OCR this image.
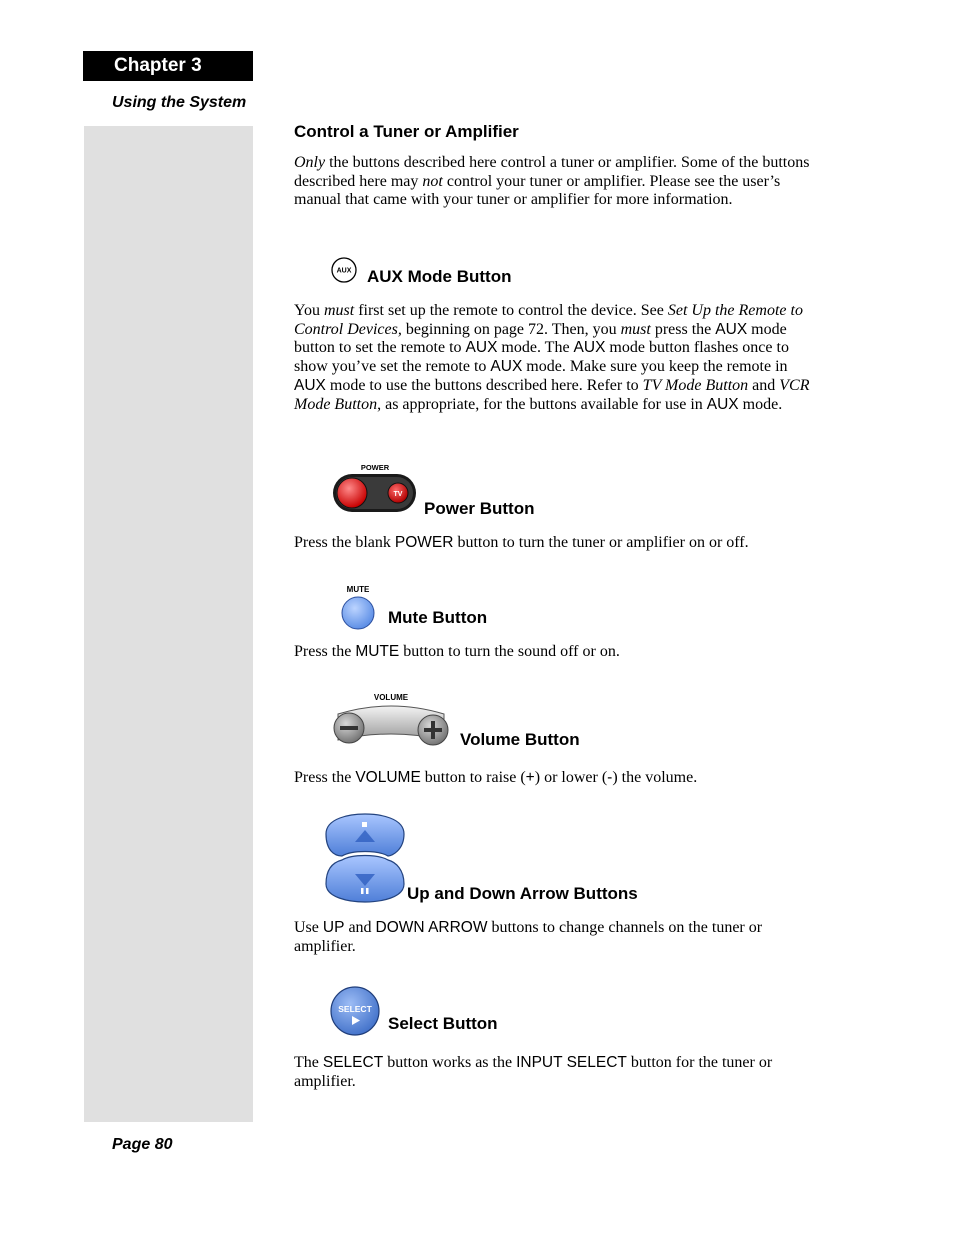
Chapter 3
Using the System
Control a Tuner or Amplifier
Only the buttons described here control a tuner or amplifier. Some of the buttons described here may not control your tuner or amplifier. Please see the user’s manual that came with your tuner or amplifier for more information.
AUX AUX Mode Button
You must first set up the remote to control the device. See Set Up the Remote to Control Devices, beginning on page 72. Then, you must press the AUX mode button to set the remote to AUX mode. The AUX mode button flashes once to show you’ve set the remote to AUX mode. Make sure you keep the remote in AUX mode to use the buttons described here. Refer to TV Mode Button and VCR Mode Button, as appropriate, for the buttons available for use in AUX mode.
POWER
TV
Power Button
Press the blank POWER button to turn the tuner or amplifier on or off.
MUTE
Mute Button
Press the MUTE button to turn the sound off or on.
VOLUME
Volume Button
Press the VOLUME button to raise (+) or lower (-) the volume.
Up and Down Arrow Buttons
Use UP and DOWN ARROW buttons to change channels on the tuner or amplifier.
SELECT
Select Button
The SELECT button works as the INPUT SELECT button for the tuner or amplifier.
Page 80
